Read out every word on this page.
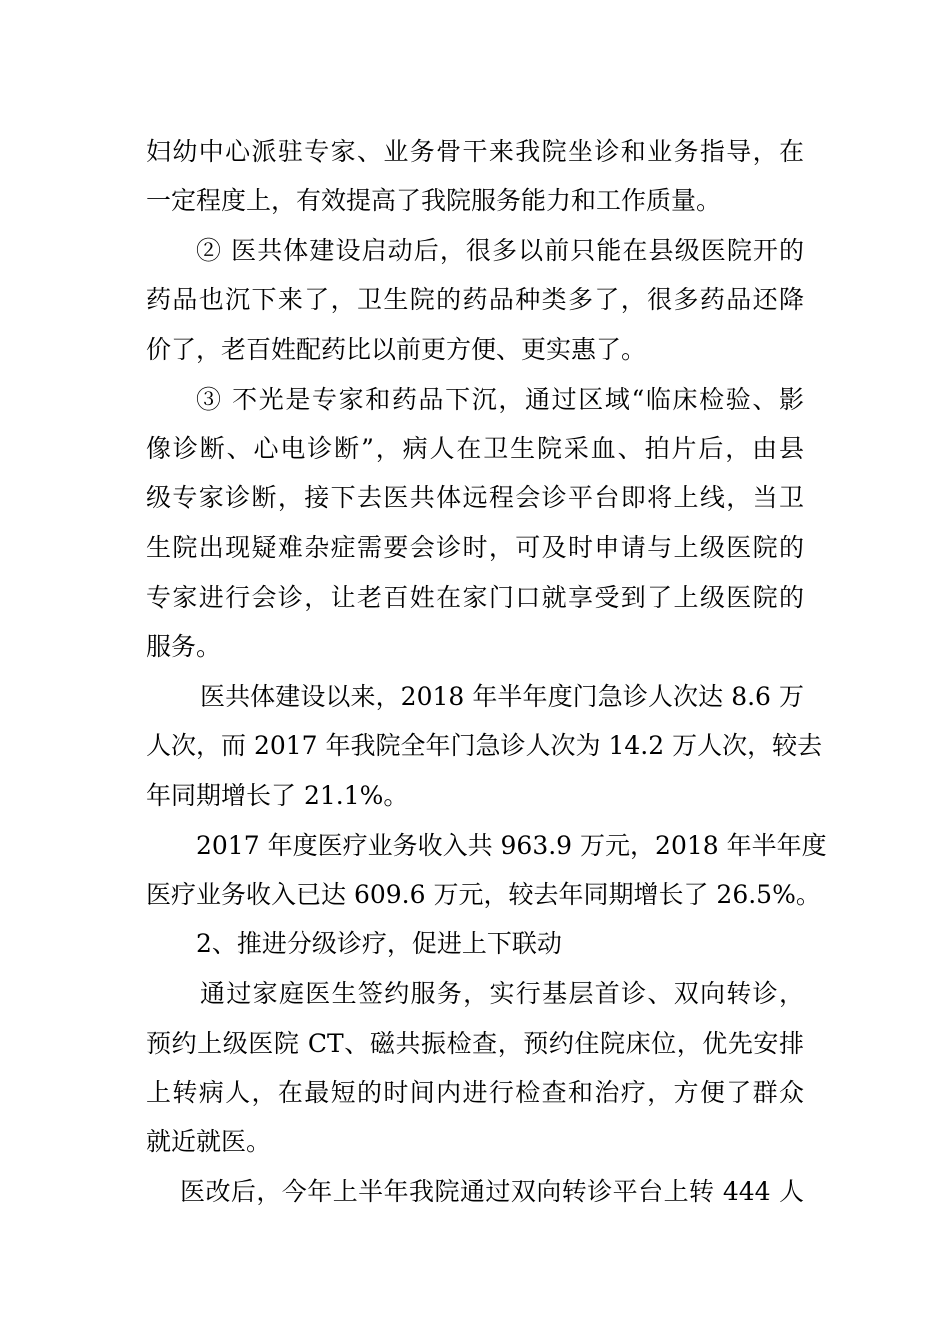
妇幼中心派驻专家、业务骨干来我院坐诊和业务指导，在

一定程度上，有效提高了我院服务能力和工作质量。

② 医共体建设启动后，很多以前只能在县级医院开的

药品也沉下来了，卫生院的药品种类多了，很多药品还降

价了，老百姓配药比以前更方便、更实惠了。

③ 不光是专家和药品下沉，通过区域“临床检验、影

像诊断、心电诊断”，病人在卫生院采血、拍片后，由县

级专家诊断，接下去医共体远程会诊平台即将上线，当卫

生院出现疑难杂症需要会诊时，可及时申请与上级医院的

专家进行会诊，让老百姓在家门口就享受到了上级医院的

服务。

医共体建设以来，2018 年半年度门急诊人次达 8.6 万

人次，而 2017 年我院全年门急诊人次为 14.2 万人次，较去

年同期增长了 21.1%。

2017 年度医疗业务收入共 963.9 万元，2018 年半年度

医疗业务收入已达 609.6 万元，较去年同期增长了 26.5%。

2、推进分级诊疗，促进上下联动

通过家庭医生签约服务，实行基层首诊、双向转诊，

预约上级医院 CT、磁共振检查，预约住院床位，优先安排

上转病人，在最短的时间内进行检查和治疗，方便了群众

就近就医。

医改后，今年上半年我院通过双向转诊平台上转 444 人
